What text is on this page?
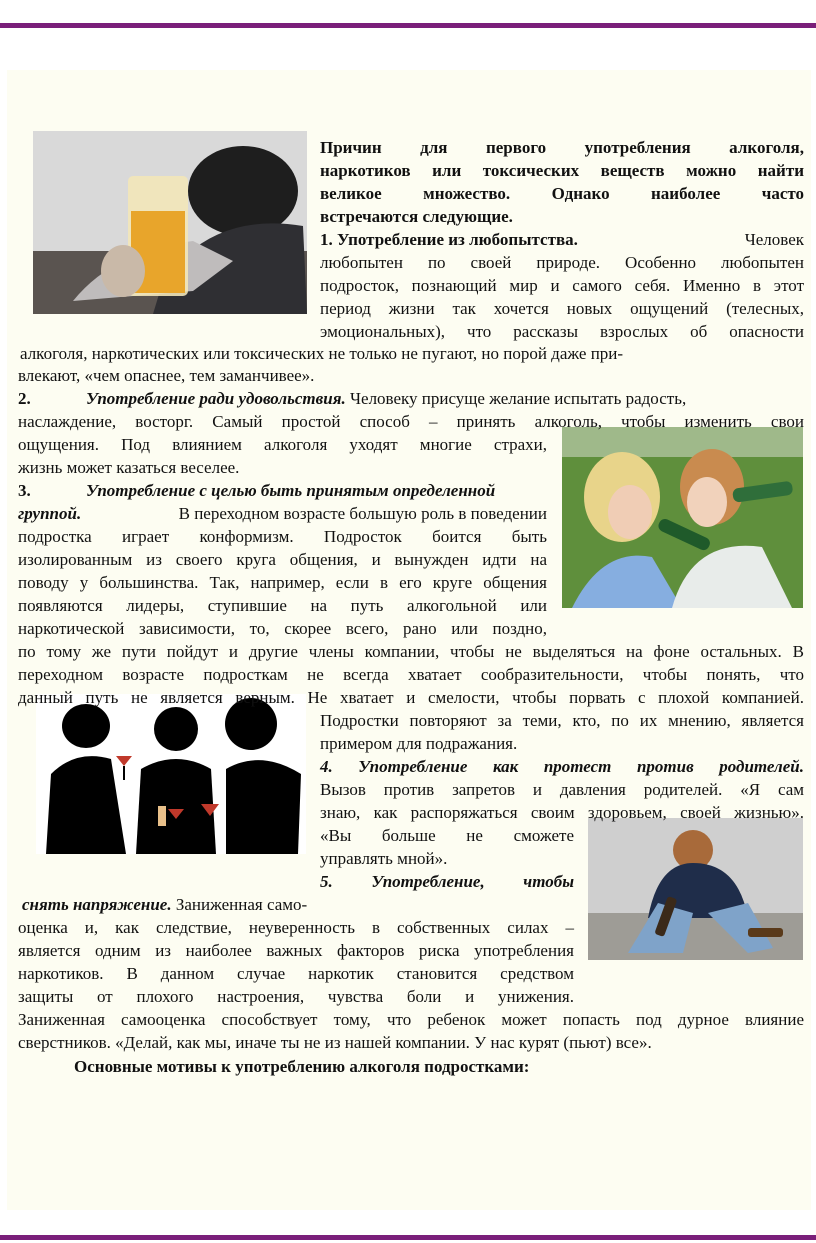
Причин для первого употребления алкоголя,
наркотиков или токсических веществ можно найти
великое множество. Однако наиболее часто
встречаются следующие.
1. Употребление из любопытства.	Человек
любопытен по своей природе. Особенно любопытен
подросток, познающий мир и самого себя. Именно в этот
период жизни так хочется новых ощущений (телесных,
эмоциональных), что рассказы взрослых об опасности
алкоголя, наркотических или токсических не только не пугают, но порой даже при-
влекают, «чем опаснее, тем заманчивее».
2.	Употребление ради удовольствия. Человеку присуще желание испытать радость,
наслаждение, восторг. Самый простой способ – принять алкоголь, чтобы изменить свои
ощущения. Под влиянием алкоголя уходят многие страхи,
жизнь может казаться веселее.
3.	Употребление с целью быть принятым определенной
группой.	В переходном возрасте большую роль в поведении
подростка играет конформизм. Подросток боится быть
изолированным из своего круга общения, и вынужден идти на
поводу у большинства. Так, например, если в его круге общения
появляются лидеры, ступившие на путь алкогольной или
наркотической зависимости, то, скорее всего, рано или поздно,
по тому же пути пойдут и другие члены компании, чтобы не выделяться на фоне остальных. В
переходном возрасте подросткам не всегда хватает сообразительности, чтобы понять, что
данный путь не является верным. Не хватает и смелости, чтобы порвать с плохой компанией.
Подростки повторяют за теми, кто, по их мнению, является
примером для подражания.
4. Употребление как протест против родителей.
Вызов против запретов и давления родителей. «Я сам
знаю, как распоряжаться своим здоровьем, своей жизнью».
«Вы больше не сможете
управлять мной».
5. Употребление, чтобы
снять напряжение. Заниженная само-
оценка и, как следствие, неуверенность в собственных силах –
является одним из наиболее важных факторов риска употребления
наркотиков. В данном случае наркотик становится средством
защиты от плохого настроения, чувства боли и унижения.
Заниженная самооценка способствует тому, что ребенок может попасть под дурное влияние
сверстников. «Делай, как мы, иначе ты не из нашей компании. У нас курят (пьют) все».
Основные мотивы к употреблению алкоголя подростками:
